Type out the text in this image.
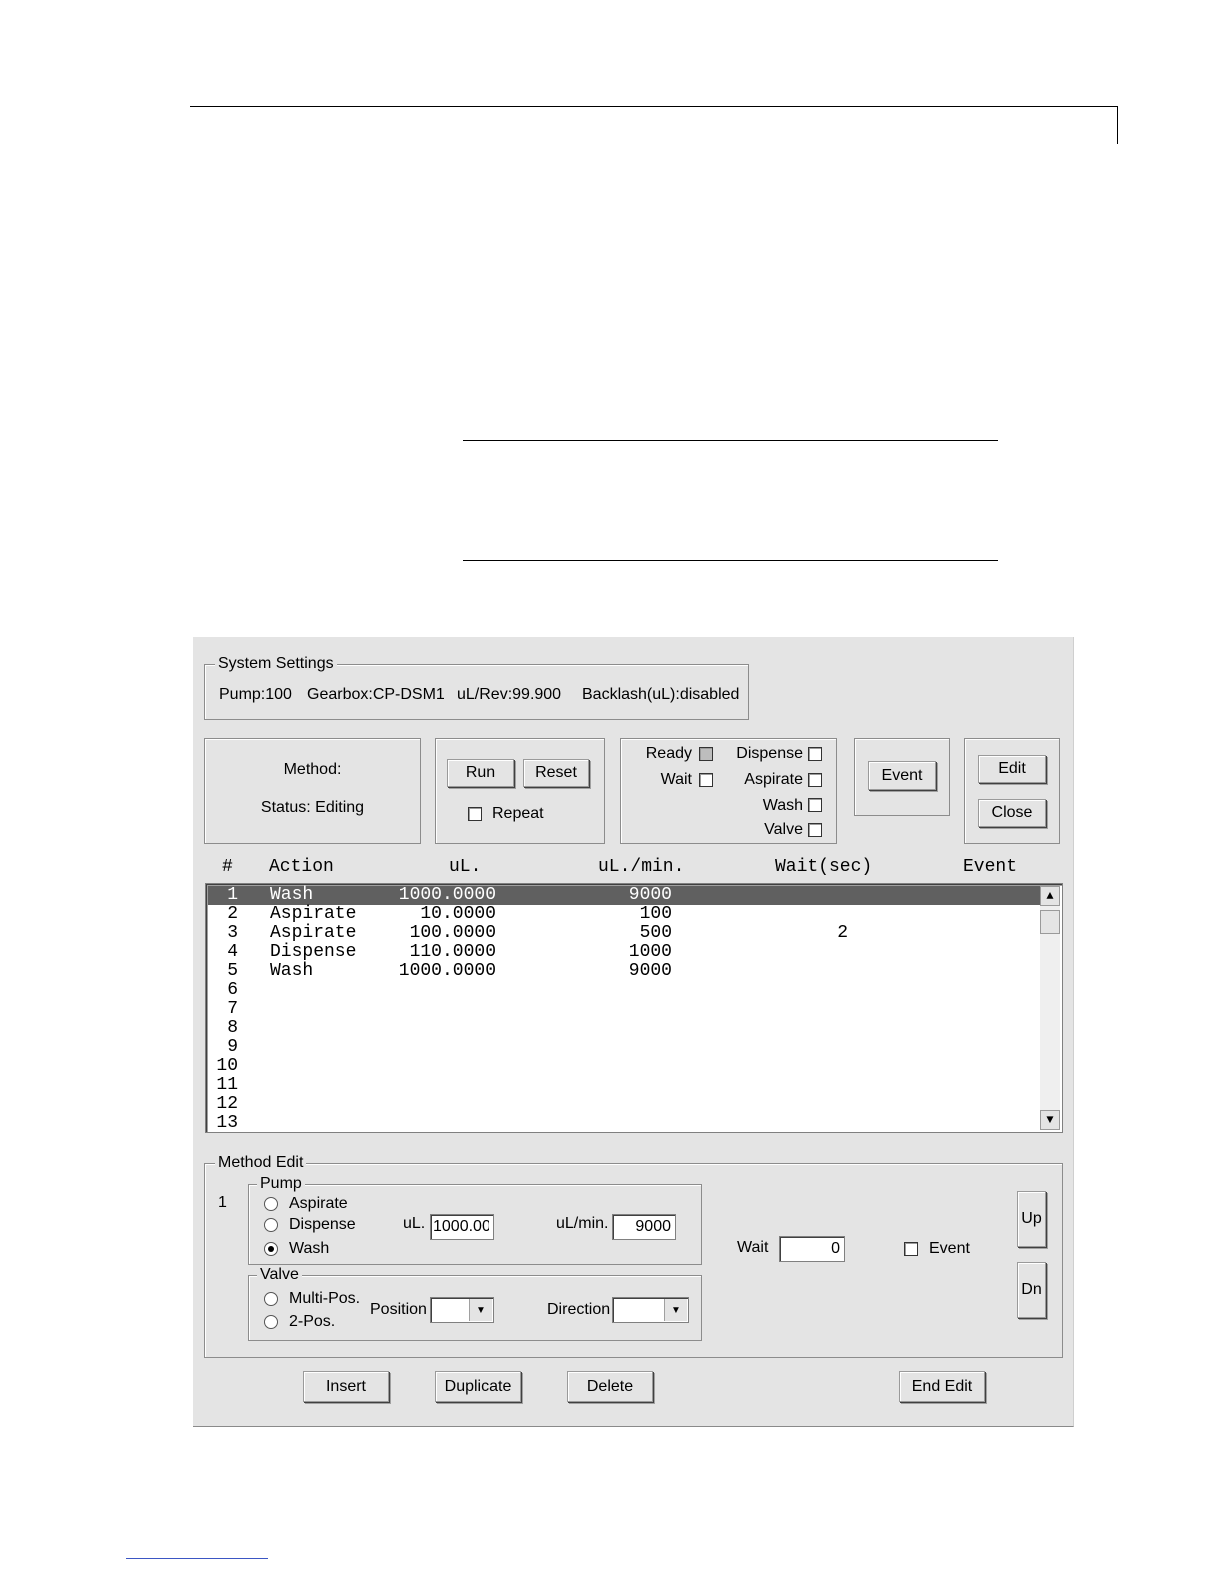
System Settings
Pump:100 Gearbox:CP-DSM1 uL/Rev:99.900 Backlash(uL):disabled
Method:
Status: Editing
Run	Reset
Repeat
Ready
Wait
Dispense
Aspirate
Wash
Valve
Event	Edit
Close
# Action	uL.	uL./min.	Wait(sec)	Event
1 Wash	1000.0000	9000
2 Aspirate	10.0000	100
3 Aspirate	100.0000	500	2
4 Dispense	110.0000	1000
5 Wash	1000.0000	9000
6
7
8
9
10
11
12
13
▲
▼
Method Edit
1
Pump
Aspirate
Dispense
Wash
uL.
1000.00	uL/min.
9000
Valve
Multi-Pos.
2-Pos.
Position	▼	Direction	▼
Wait
0	Event
Up
Dn
Insert	Duplicate	Delete	End Edit
